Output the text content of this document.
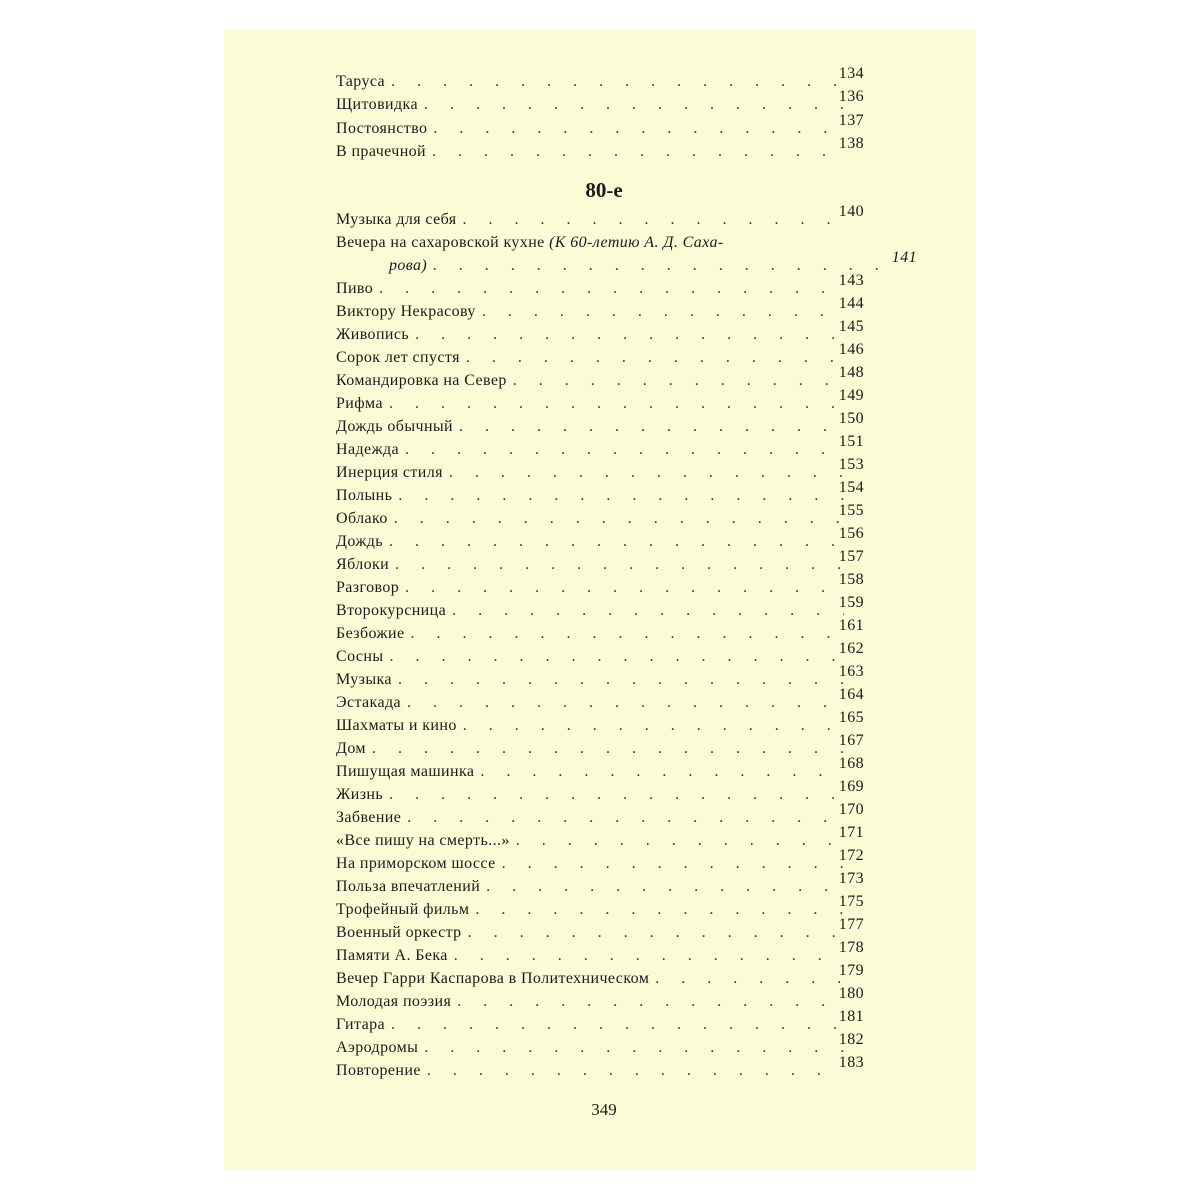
Таруса . . .	134
Щитовидка . . .	136
Постоянство . . .	137
В прачечной . . .	138
Музыка для себя . . .	140
Вечера на сахаровской кухне (К 60-летию А. Д. Саха-
рова) . . .	141
Пиво . . .	143
Виктору Некрасову . . .	144
Живопись . . .	145
Сорок лет спустя . . .	146
Командировка на Север . . .	148
Рифма . . .	149
Дождь обычный . . .	150
Надежда . . .	151
Инерция стиля . . .	153
Полынь . . .	154
Облако . . .	155
Дождь . . .	156
Яблоки . . .	157
Разговор . . .	158
Второкурсница . . .	159
Безбожие . . .	161
Сосны . . .	162
Музыка . . .	163
Эстакада . . .	164
Шахматы и кино . . .	165
Дом . . .	167
Пишущая машинка . . .	168
Жизнь . . .	169
Забвение . . .	170
«Все пишу на смерть...» . . .	171
На приморском шоссе . . .	172
Польза впечатлений . . .	173
Трофейный фильм . . .	175
Военный оркестр . . .	177
Памяти А. Бека . . .	178
Вечер Гарри Каспарова в Политехническом . . .	179
Молодая поэзия . . .	180
Гитара . . .	181
Аэродромы . . .	182
Повторение . . .	183
80-е
349
